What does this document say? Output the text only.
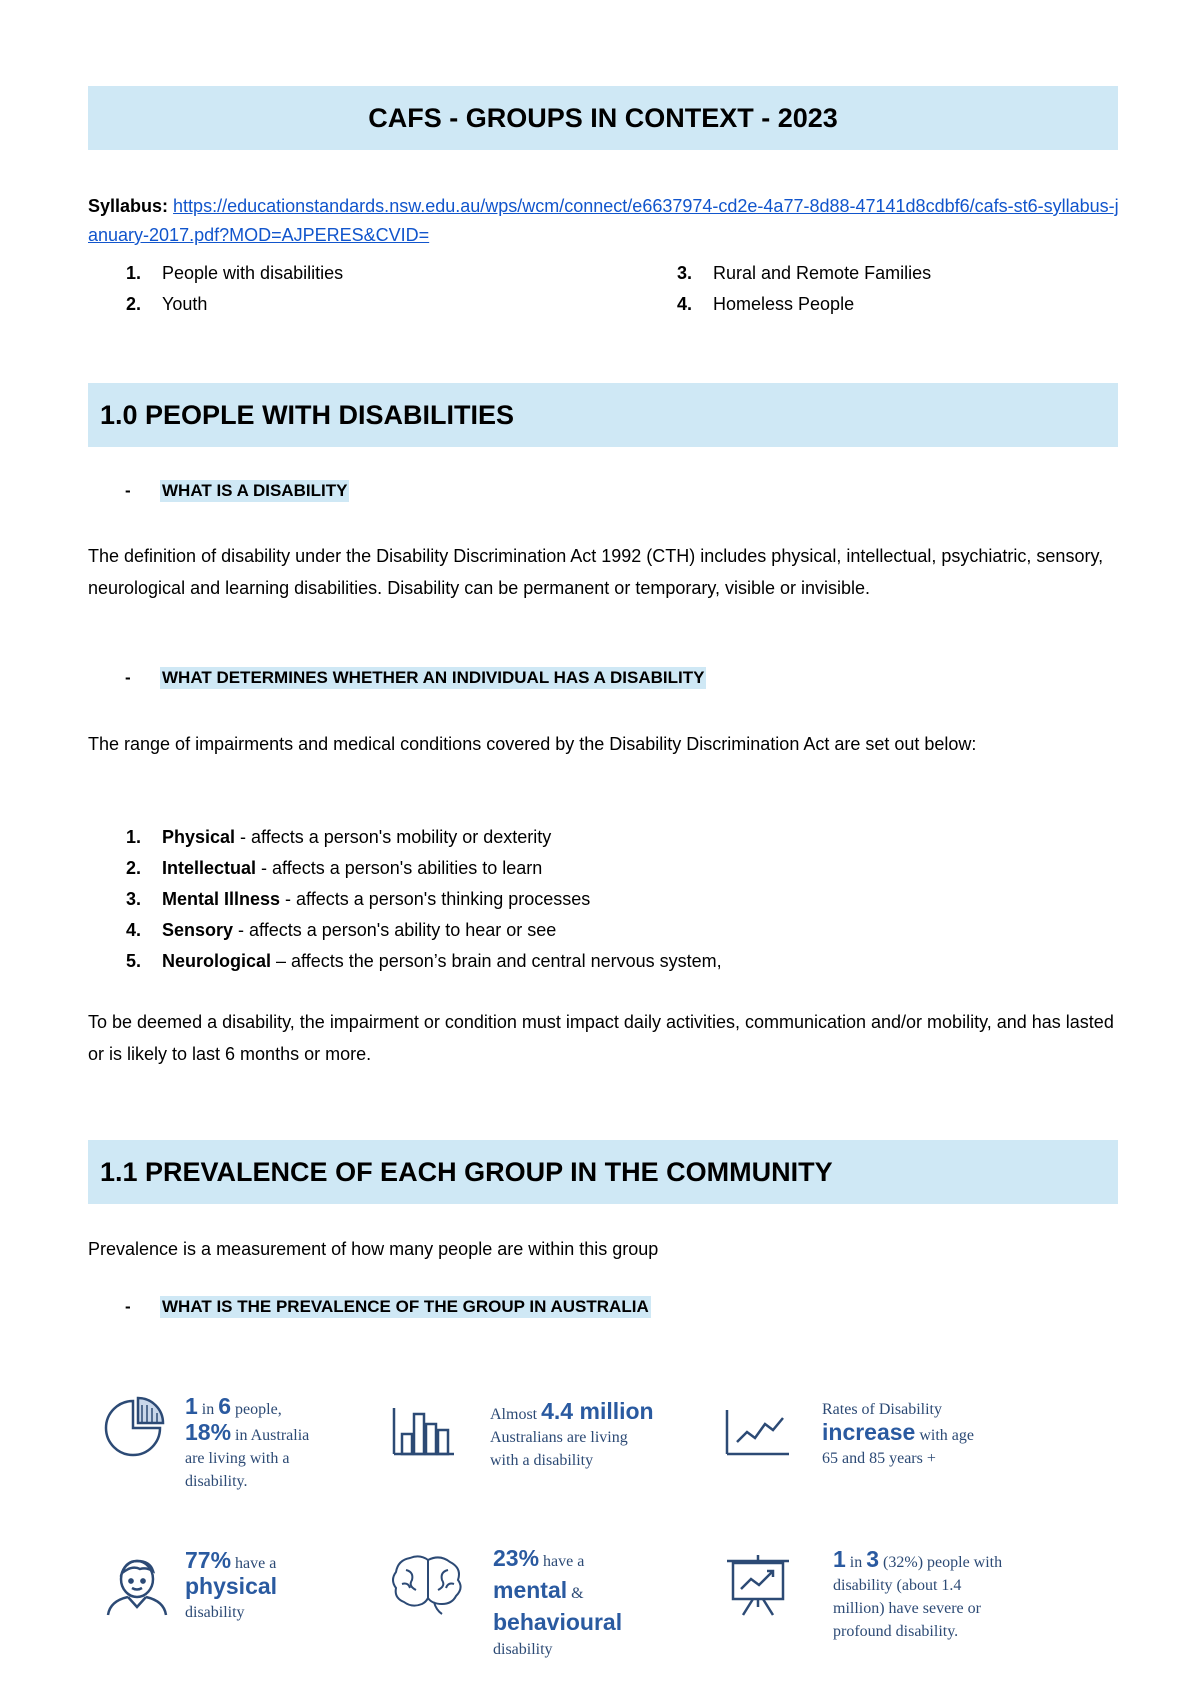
CAFS - GROUPS IN CONTEXT - 2023
Syllabus: https://educationstandards.nsw.edu.au/wps/wcm/connect/e6637974-cd2e-4a77-8d88-47141d8cdbf6/cafs-st6-syllabus-january-2017.pdf?MOD=AJPERES&CVID=
1. People with disabilities
2. Youth
3. Rural and Remote Families
4. Homeless People
1.0 PEOPLE WITH DISABILITIES
- WHAT IS A DISABILITY

The definition of disability under the Disability Discrimination Act 1992 (CTH) includes physical, intellectual, psychiatric, sensory, neurological and learning disabilities. Disability can be permanent or temporary, visible or invisible.

- WHAT DETERMINES WHETHER AN INDIVIDUAL HAS A DISABILITY

The range of impairments and medical conditions covered by the Disability Discrimination Act are set out below:

1. Physical - affects a person's mobility or dexterity
2. Intellectual - affects a person's abilities to learn
3. Mental Illness - affects a person's thinking processes
4. Sensory - affects a person's ability to hear or see
5. Neurological – affects the person’s brain and central nervous system,

To be deemed a disability, the impairment or condition must impact daily activities, communication and/or mobility, and has lasted or is likely to last 6 months or more.

1.1 PREVALENCE OF EACH GROUP IN THE COMMUNITY

Prevalence is a measurement of how many people are within this group

- WHAT IS THE PREVALENCE OF THE GROUP IN AUSTRALIA
1 in 6 people,
18% in Australia
are living with a
disability.
Almost 4.4 million
Australians are living
with a disability
Rates of Disability
increase with age
65 and 85 years +
77% have a
physical
disability
23% have a
mental &
behavioural
disability
1 in 3 (32%) people with
disability (about 1.4
million) have severe or
profound disability.
